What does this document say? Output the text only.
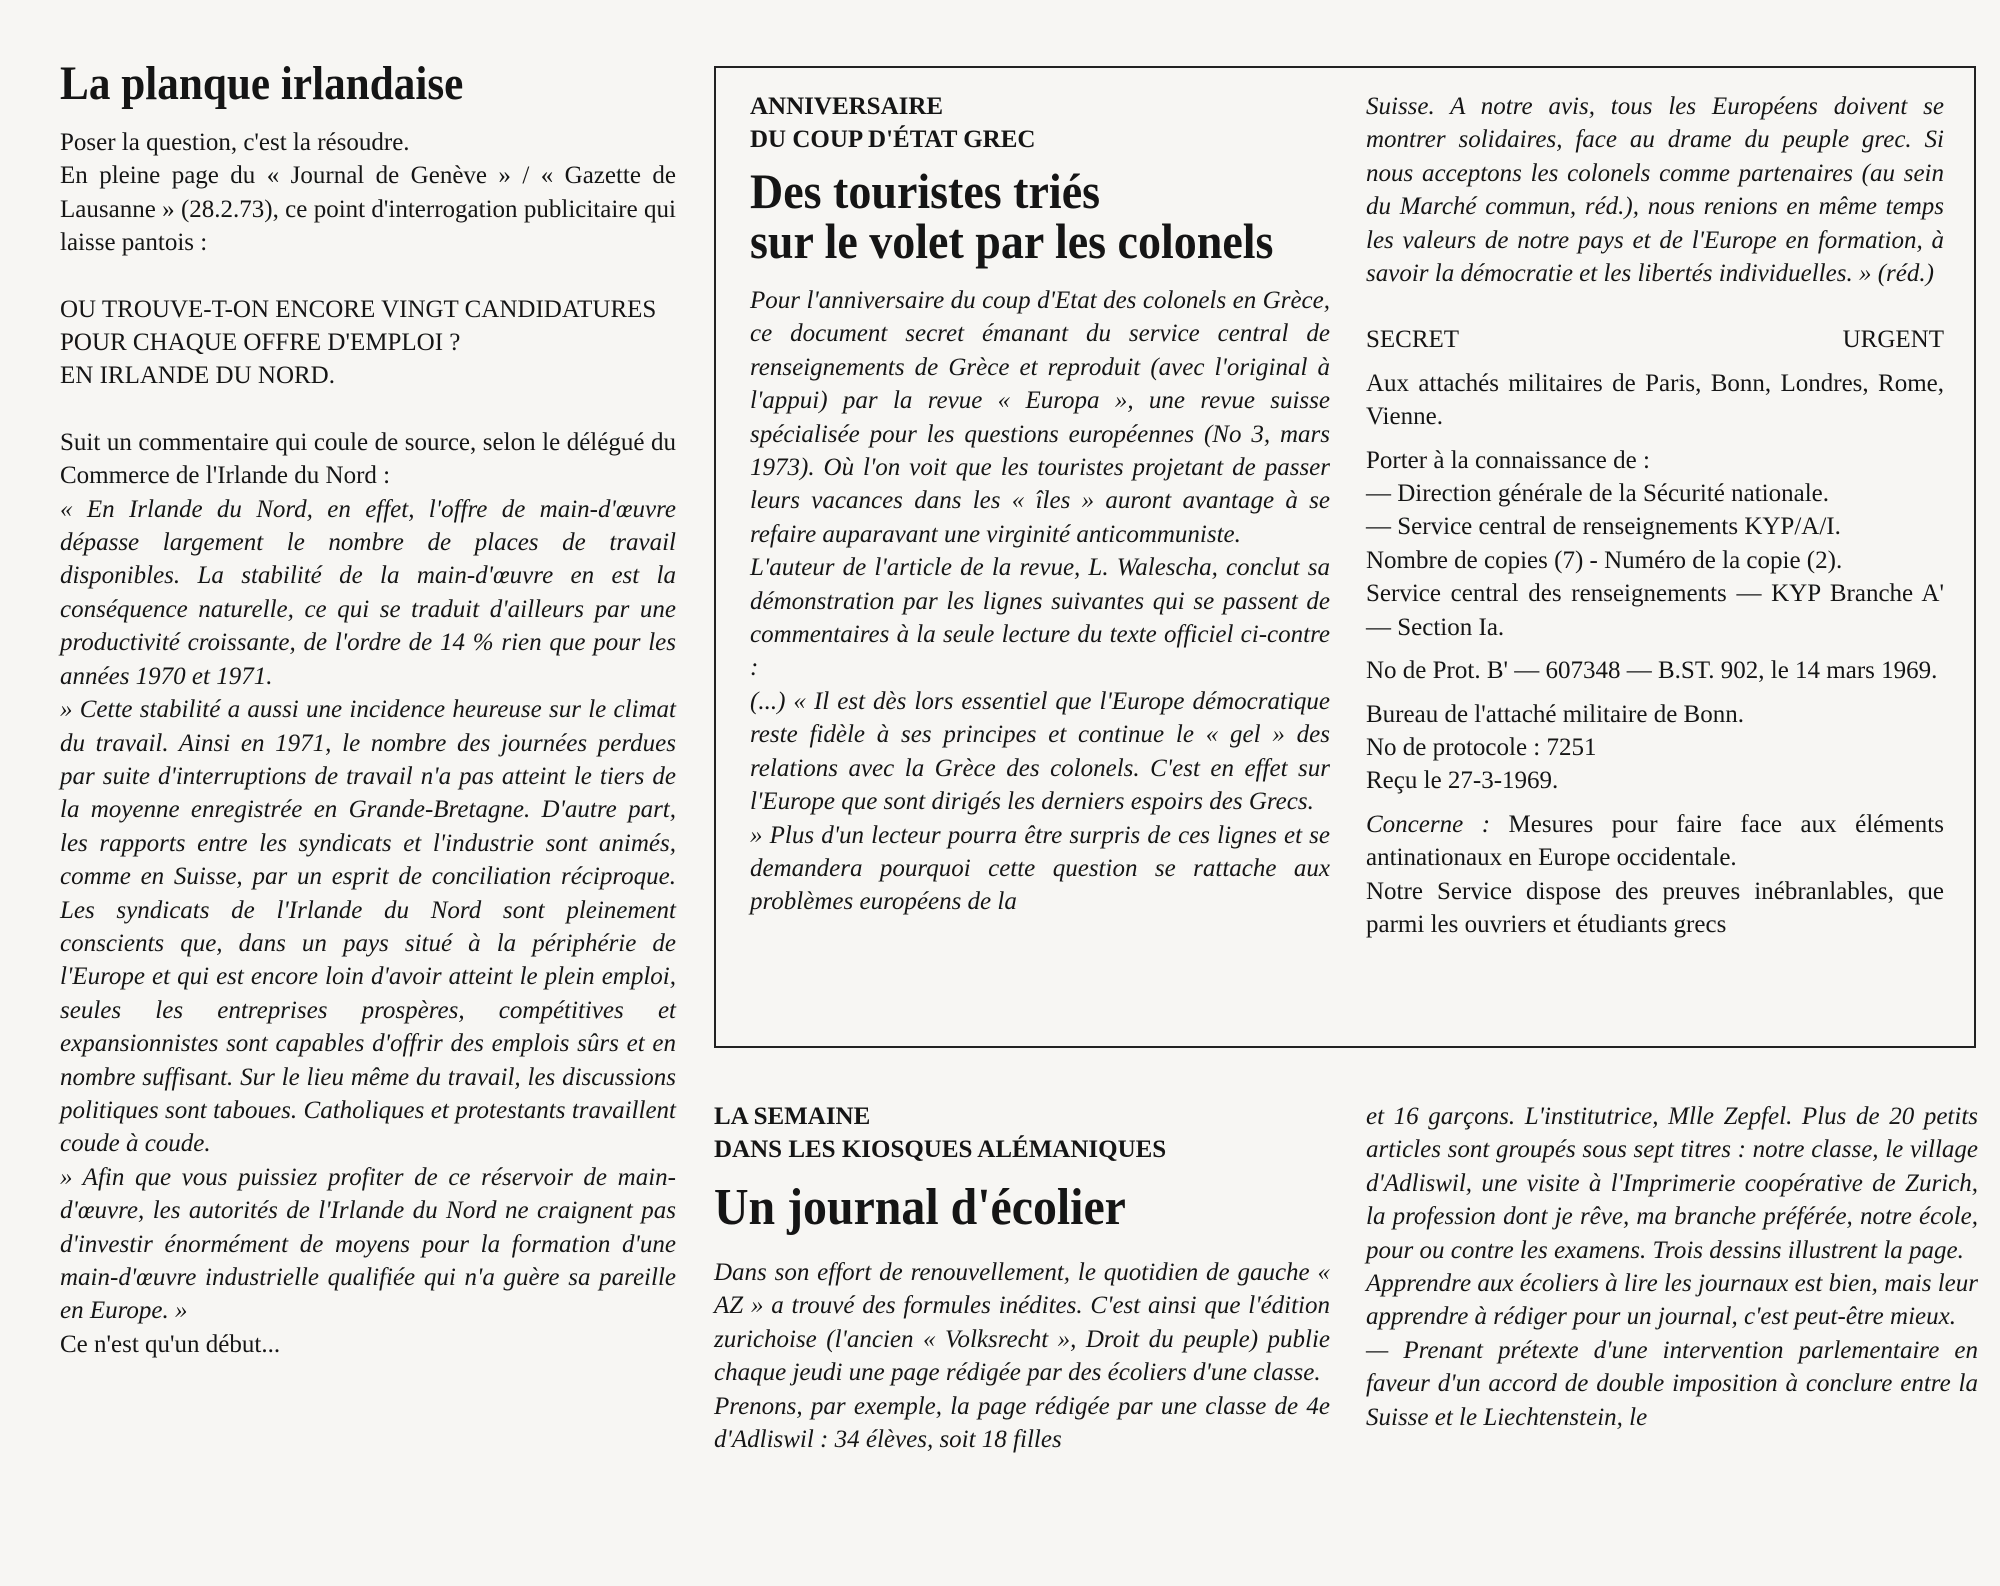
La planque irlandaise

Poser la question, c'est la résoudre.

En pleine page du « Journal de Genève » / « Gazette de Lausanne » (28.2.73), ce point d'interrogation publicitaire qui laisse pantois :

OU TROUVE-T-ON ENCORE VINGT CANDIDATURES POUR CHAQUE OFFRE D'EMPLOI ?

EN IRLANDE DU NORD.

Suit un commentaire qui coule de source, selon le délégué du Commerce de l'Irlande du Nord :

« En Irlande du Nord, en effet, l'offre de main-d'œuvre dépasse largement le nombre de places de travail disponibles. La stabilité de la main-d'œuvre en est la conséquence naturelle, ce qui se traduit d'ailleurs par une productivité croissante, de l'ordre de 14 % rien que pour les années 1970 et 1971.

» Cette stabilité a aussi une incidence heureuse sur le climat du travail. Ainsi en 1971, le nombre des journées perdues par suite d'interruptions de travail n'a pas atteint le tiers de la moyenne enregistrée en Grande-Bretagne. D'autre part, les rapports entre les syndicats et l'industrie sont animés, comme en Suisse, par un esprit de conciliation réciproque. Les syndicats de l'Irlande du Nord sont pleinement conscients que, dans un pays situé à la périphérie de l'Europe et qui est encore loin d'avoir atteint le plein emploi, seules les entreprises prospères, compétitives et expansionnistes sont capables d'offrir des emplois sûrs et en nombre suffisant. Sur le lieu même du travail, les discussions politiques sont taboues. Catholiques et protestants travaillent coude à coude.

» Afin que vous puissiez profiter de ce réservoir de main-d'œuvre, les autorités de l'Irlande du Nord ne craignent pas d'investir énormément de moyens pour la formation d'une main-d'œuvre industrielle qualifiée qui n'a guère sa pareille en Europe. »

Ce n'est qu'un début...

ANNIVERSAIRE

DU COUP D'ÉTAT GREC

Des touristes triés
sur le volet par les colonels

Pour l'anniversaire du coup d'Etat des colonels en Grèce, ce document secret émanant du service central de renseignements de Grèce et reproduit (avec l'original à l'appui) par la revue « Europa », une revue suisse spécialisée pour les questions européennes (No 3, mars 1973). Où l'on voit que les touristes projetant de passer leurs vacances dans les « îles » auront avantage à se refaire auparavant une virginité anticommuniste.

L'auteur de l'article de la revue, L. Walescha, conclut sa démonstration par les lignes suivantes qui se passent de commentaires à la seule lecture du texte officiel ci-contre :

(...) « Il est dès lors essentiel que l'Europe démocratique reste fidèle à ses principes et continue le « gel » des relations avec la Grèce des colonels. C'est en effet sur l'Europe que sont dirigés les derniers espoirs des Grecs.

» Plus d'un lecteur pourra être surpris de ces lignes et se demandera pourquoi cette question se rattache aux problèmes européens de la

Suisse. A notre avis, tous les Européens doivent se montrer solidaires, face au drame du peuple grec. Si nous acceptons les colonels comme partenaires (au sein du Marché commun, réd.), nous renions en même temps les valeurs de notre pays et de l'Europe en formation, à savoir la démocratie et les libertés individuelles. » (réd.)

SECRET	URGENT

Aux attachés militaires de Paris, Bonn, Londres, Rome, Vienne.

Porter à la connaissance de :

— Direction générale de la Sécurité nationale.

— Service central de renseignements KYP/A/I.

Nombre de copies (7) - Numéro de la copie (2).

Service central des renseignements — KYP Branche A' — Section Ia.

No de Prot. B' — 607348 — B.ST. 902, le 14 mars 1969.

Bureau de l'attaché militaire de Bonn.

No de protocole : 7251

Reçu le 27-3-1969.

Concerne : Mesures pour faire face aux éléments antinationaux en Europe occidentale.

Notre Service dispose des preuves inébranlables, que parmi les ouvriers et étudiants grecs

LA SEMAINE

DANS LES KIOSQUES ALÉMANIQUES

Un journal d'écolier

Dans son effort de renouvellement, le quotidien de gauche « AZ » a trouvé des formules inédites. C'est ainsi que l'édition zurichoise (l'ancien « Volksrecht », Droit du peuple) publie chaque jeudi une page rédigée par des écoliers d'une classe.

Prenons, par exemple, la page rédigée par une classe de 4e d'Adliswil : 34 élèves, soit 18 filles

et 16 garçons. L'institutrice, Mlle Zepfel. Plus de 20 petits articles sont groupés sous sept titres : notre classe, le village d'Adliswil, une visite à l'Imprimerie coopérative de Zurich, la profession dont je rêve, ma branche préférée, notre école, pour ou contre les examens. Trois dessins illustrent la page.

Apprendre aux écoliers à lire les journaux est bien, mais leur apprendre à rédiger pour un journal, c'est peut-être mieux.

— Prenant prétexte d'une intervention parlementaire en faveur d'un accord de double imposition à conclure entre la Suisse et le Liechtenstein, le
